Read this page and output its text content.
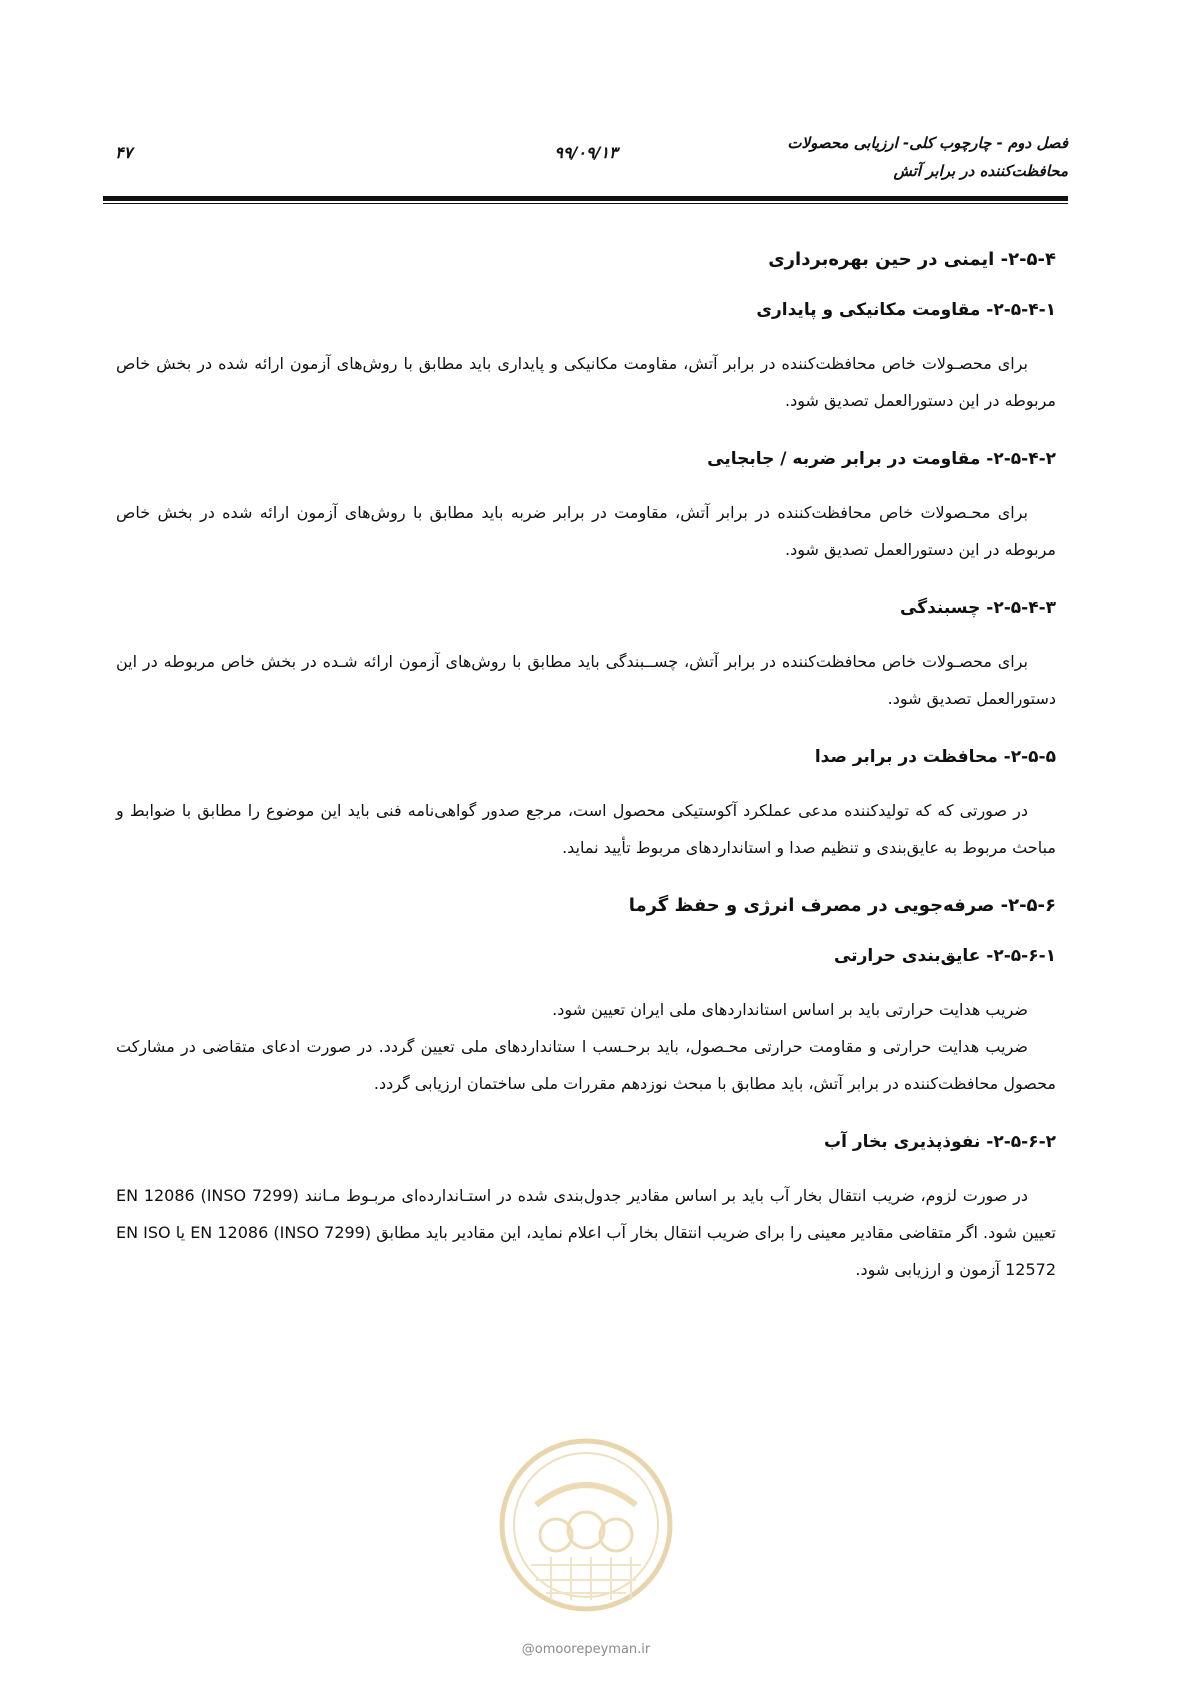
فصل دوم - چارچوب کلی- ارزیابی محصولات
محافظت‌کننده در برابر آتش
۹۹/۰۹/۱۳
۴۷
۲-۵-۴- ایمنی در حین بهره‌برداری
۲-۵-۴-۱- مقاومت مکانیکی و پایداری
برای محصـولات خاص محافظت‌کننده در برابر آتش، مقاومت مکانیکی و پایداری باید مطابق با روش‌های آزمون ارائه شده در بخش خاص مربوطه در این دستورالعمل تصدیق شود.
۲-۵-۴-۲- مقاومت در برابر ضربه / جابجایی
برای محـصولات خاص محافظت‌کننده در برابر آتش، مقاومت در برابر ضربه باید مطابق با روش‌های آزمون ارائه شده در بخش خاص مربوطه در این دستورالعمل تصدیق شود.
۲-۵-۴-۳- چسبندگی
برای محصـولات خاص محافظت‌کننده در برابر آتش، چســبندگی باید مطابق با روش‌های آزمون ارائه شـده در بخش خاص مربوطه در این دستورالعمل تصدیق شود.
۲-۵-۵- محافظت در برابر صدا
در صورتی که که تولیدکننده مدعی عملکرد آکوستیکی محصول است، مرجع صدور گواهی‌نامه فنی باید این موضوع را مطابق با ضوابط و مباحث مربوط به عایق‌بندی و تنظیم صدا و استانداردهای مربوط تأیید نماید.
۲-۵-۶- صرفه‌جویی در مصرف انرژی و حفظ گرما
۲-۵-۶-۱- عایق‌بندی حرارتی
ضریب هدایت حرارتی باید بر اساس استانداردهای ملی ایران تعیین شود.
ضریب هدایت حرارتی و مقاومت حرارتی محـصول، باید برحـسب ا ستانداردهای ملی تعیین گردد. در صورت ادعای متقاضی در مشارکت محصول محافظت‌کننده در برابر آتش، باید مطابق با مبحث نوزدهم مقررات ملی ساختمان ارزیابی گردد.
۲-۵-۶-۲- نفوذپذیری بخار آب
در صورت لزوم، ضریب انتقال بخار آب باید بر اساس مقادیر جدول‌بندی شده در استـاندارده‌ای مربـوط مـانند EN 12086 (INSO 7299) تعیین شود. اگر متقاضی مقادیر معینی را برای ضریب انتقال بخار آب اعلام نماید، این مقادیر باید مطابق EN 12086 (INSO 7299) یا EN ISO 12572 آزمون و ارزیابی شود.
@omoorepeyman.ir
